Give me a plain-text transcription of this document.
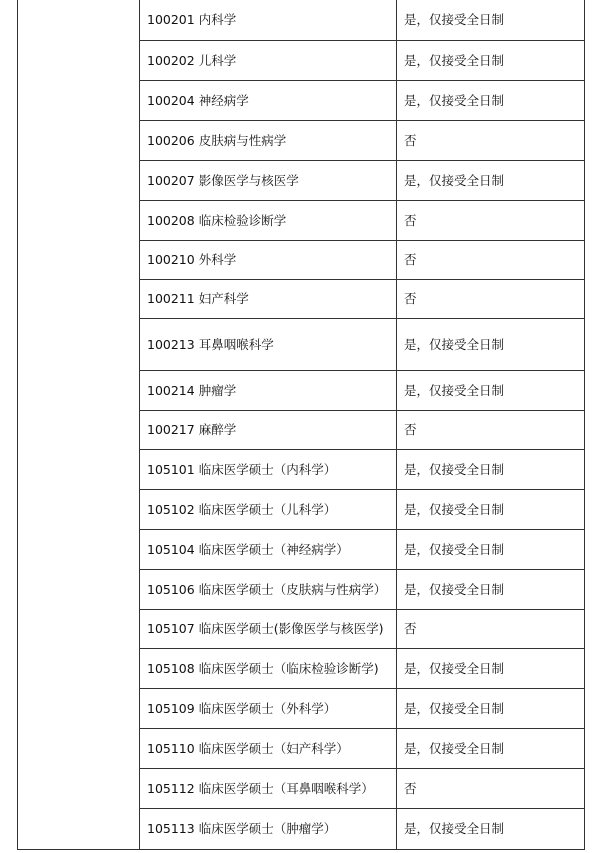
	100201 内科学	是，仅接受全日制
	100202 儿科学	是，仅接受全日制
	100204 神经病学	是，仅接受全日制
	100206 皮肤病与性病学	否
	100207 影像医学与核医学	是，仅接受全日制
	100208 临床检验诊断学	否
	100210 外科学	否
	100211 妇产科学	否
	100213 耳鼻咽喉科学	是，仅接受全日制
	100214 肿瘤学	是，仅接受全日制
	100217 麻醉学	否
	105101 临床医学硕士（内科学）	是，仅接受全日制
	105102 临床医学硕士（儿科学）	是，仅接受全日制
	105104 临床医学硕士（神经病学）	是，仅接受全日制
	105106 临床医学硕士（皮肤病与性病学）	是，仅接受全日制
	105107 临床医学硕士(影像医学与核医学)	否
	105108 临床医学硕士（临床检验诊断学)	是，仅接受全日制
	105109 临床医学硕士（外科学）	是，仅接受全日制
	105110 临床医学硕士（妇产科学）	是，仅接受全日制
	105112 临床医学硕士（耳鼻咽喉科学）	否
	105113 临床医学硕士（肿瘤学）	是，仅接受全日制
